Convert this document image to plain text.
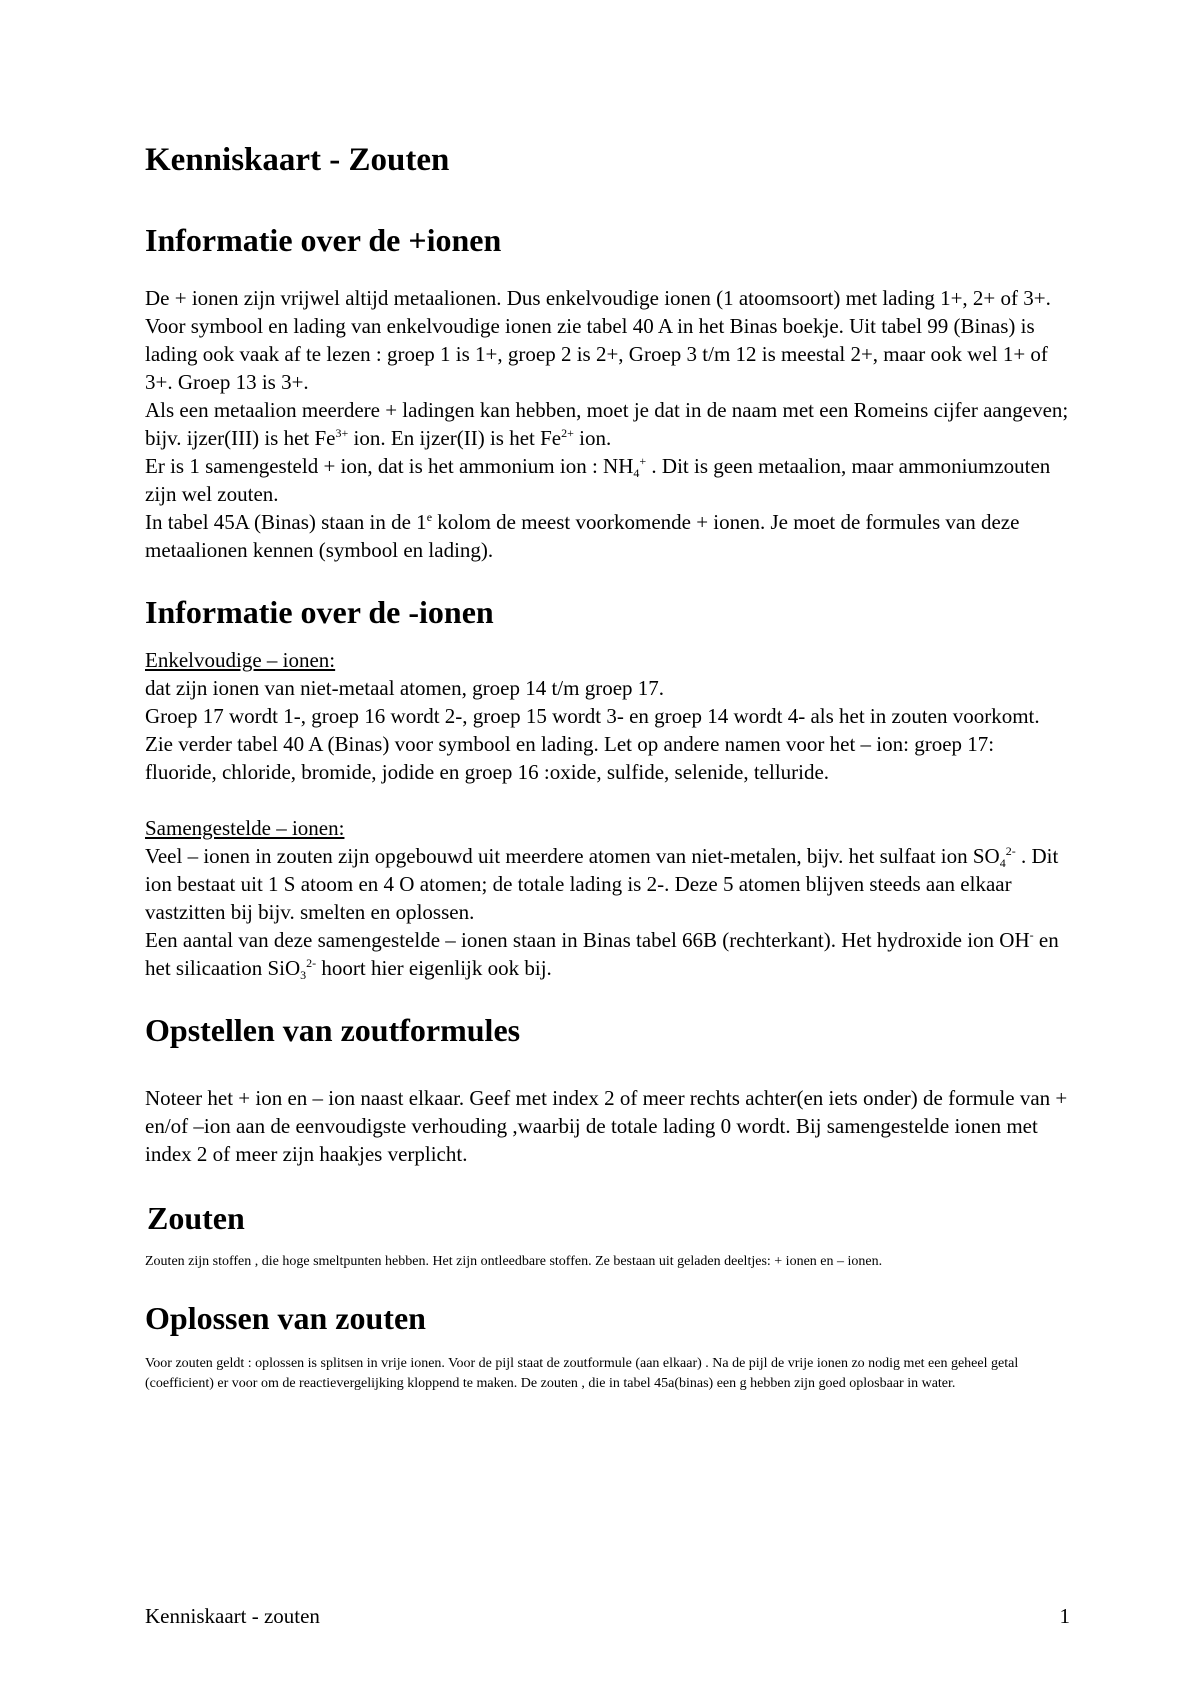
Kenniskaart - Zouten
Informatie over de +ionen

De + ionen zijn vrijwel altijd metaalionen. Dus enkelvoudige ionen (1 atoomsoort) met lading 1+, 2+ of 3+. Voor symbool en lading van enkelvoudige ionen zie tabel 40 A in het Binas boekje. Uit tabel 99 (Binas) is lading ook vaak af te lezen : groep 1 is 1+, groep 2 is 2+, Groep 3 t/m 12 is meestal 2+, maar ook wel 1+ of 3+. Groep 13 is 3+.

Als een metaalion meerdere + ladingen kan hebben, moet je dat in de naam met een Romeins cijfer aangeven; bijv. ijzer(III) is het $Fe^{3+}$ ion. En ijzer(II) is het $Fe^{2+}$ ion.

Er is 1 samengesteld + ion, dat is het ammonium ion : $NH_4^+$ . Dit is geen metaalion, maar ammoniumzouten zijn wel zouten.

In tabel 45A (Binas) staan in de 1e kolom de meest voorkomende + ionen. Je moet de formules van deze metaalionen kennen (symbool en lading).

Informatie over de -ionen

Enkelvoudige – ionen:

dat zijn ionen van niet-metaal atomen, groep 14 t/m groep 17.

Groep 17 wordt 1-, groep 16 wordt 2-, groep 15 wordt 3- en groep 14 wordt 4- als het in zouten voorkomt. Zie verder tabel 40 A (Binas) voor symbool en lading. Let op andere namen voor het – ion: groep 17: fluoride, chloride, bromide, jodide en groep 16 :oxide, sulfide, selenide, telluride.

Samengestelde – ionen:

Veel – ionen in zouten zijn opgebouwd uit meerdere atomen van niet-metalen, bijv. het sulfaat ion $SO_4^{2-}$ . Dit ion bestaat uit 1 S atoom en 4 O atomen; de totale lading is 2-. Deze 5 atomen blijven steeds aan elkaar vastzitten bij bijv. smelten en oplossen.

Een aantal van deze samengestelde – ionen staan in Binas tabel 66B (rechterkant). Het hydroxide ion OH- en het silicaation SiO$_3^{2-}$ hoort hier eigenlijk ook bij.

Opstellen van zoutformules

Noteer het + ion en – ion naast elkaar. Geef met index 2 of meer rechts achter(en iets onder) de formule van + en/of –ion aan de eenvoudigste verhouding ,waarbij de totale lading 0 wordt. Bij samengestelde ionen met index 2 of meer zijn haakjes verplicht.

Zouten

Zouten zijn stoffen , die hoge smeltpunten hebben. Het zijn ontleedbare stoffen. Ze bestaan uit geladen deeltjes: + ionen en – ionen.

Oplossen van zouten

Voor zouten geldt : oplossen is splitsen in vrije ionen. Voor de pijl staat de zoutformule (aan elkaar) . Na de pijl de vrije ionen zo nodig met een geheel getal (coefficient) er voor om de reactievergelijking kloppend te maken. De zouten , die in tabel 45a(binas) een g hebben zijn goed oplosbaar in water.

Kenniskaart - zouten	1
